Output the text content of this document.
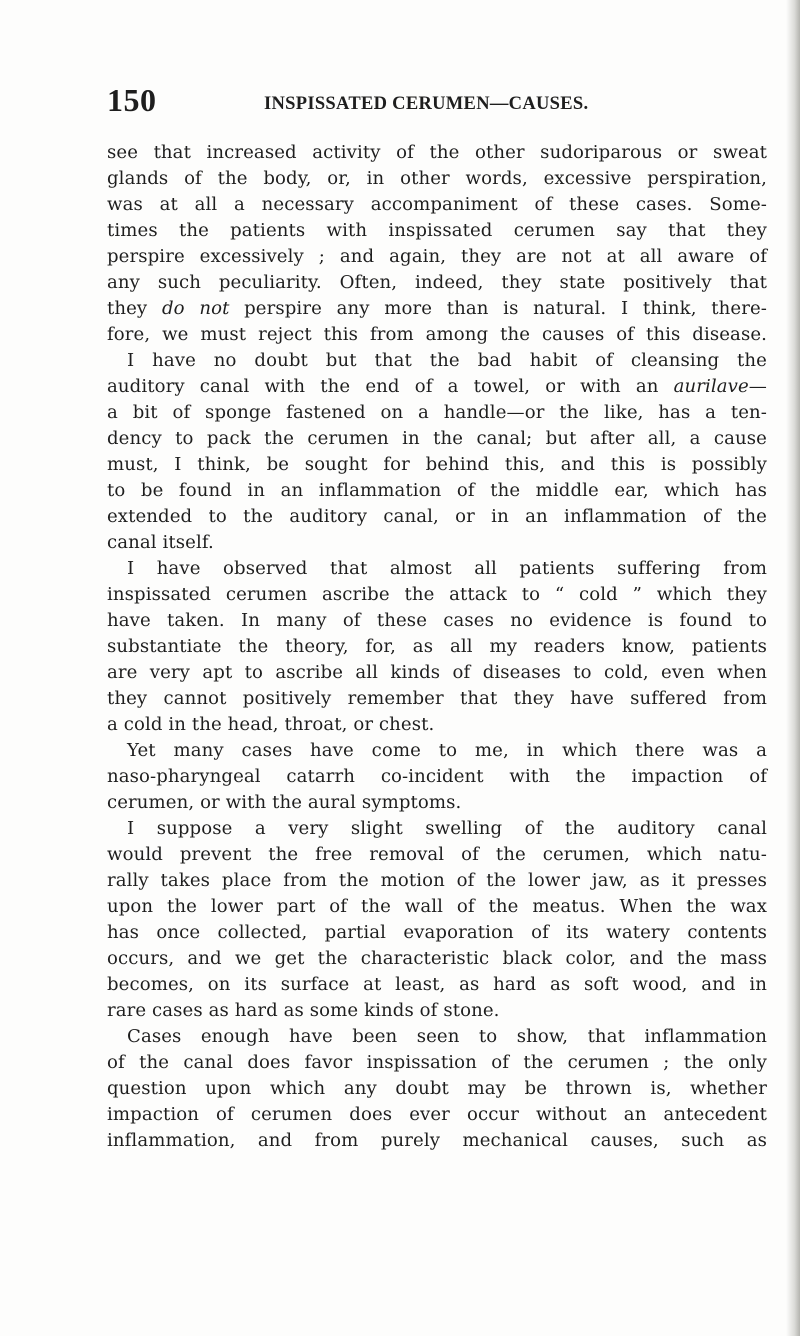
150	INSPISSATED CERUMEN—CAUSES.
see that increased activity of the other sudoriparous or sweat
glands of the body, or, in other words, excessive perspiration,
was at all a necessary accompaniment of these cases. Some-
times the patients with inspissated cerumen say that they
perspire excessively ; and again, they are not at all aware of
any such peculiarity. Often, indeed, they state positively that
they do not perspire any more than is natural. I think, there-
fore, we must reject this from among the causes of this disease.
I have no doubt but that the bad habit of cleansing the
auditory canal with the end of a towel, or with an aurilave—
a bit of sponge fastened on a handle—or the like, has a ten-
dency to pack the cerumen in the canal; but after all, a cause
must, I think, be sought for behind this, and this is possibly
to be found in an inflammation of the middle ear, which has
extended to the auditory canal, or in an inflammation of the
canal itself.
I have observed that almost all patients suffering from
inspissated cerumen ascribe the attack to “ cold ” which they
have taken. In many of these cases no evidence is found to
substantiate the theory, for, as all my readers know, patients
are very apt to ascribe all kinds of diseases to cold, even when
they cannot positively remember that they have suffered from
a cold in the head, throat, or chest.
Yet many cases have come to me, in which there was a
naso-pharyngeal catarrh co-incident with the impaction of
cerumen, or with the aural symptoms.
I suppose a very slight swelling of the auditory canal
would prevent the free removal of the cerumen, which natu-
rally takes place from the motion of the lower jaw, as it presses
upon the lower part of the wall of the meatus. When the wax
has once collected, partial evaporation of its watery contents
occurs, and we get the characteristic black color, and the mass
becomes, on its surface at least, as hard as soft wood, and in
rare cases as hard as some kinds of stone.
Cases enough have been seen to show, that inflammation
of the canal does favor inspissation of the cerumen ; the only
question upon which any doubt may be thrown is, whether
impaction of cerumen does ever occur without an antecedent
inflammation, and from purely mechanical causes, such as
